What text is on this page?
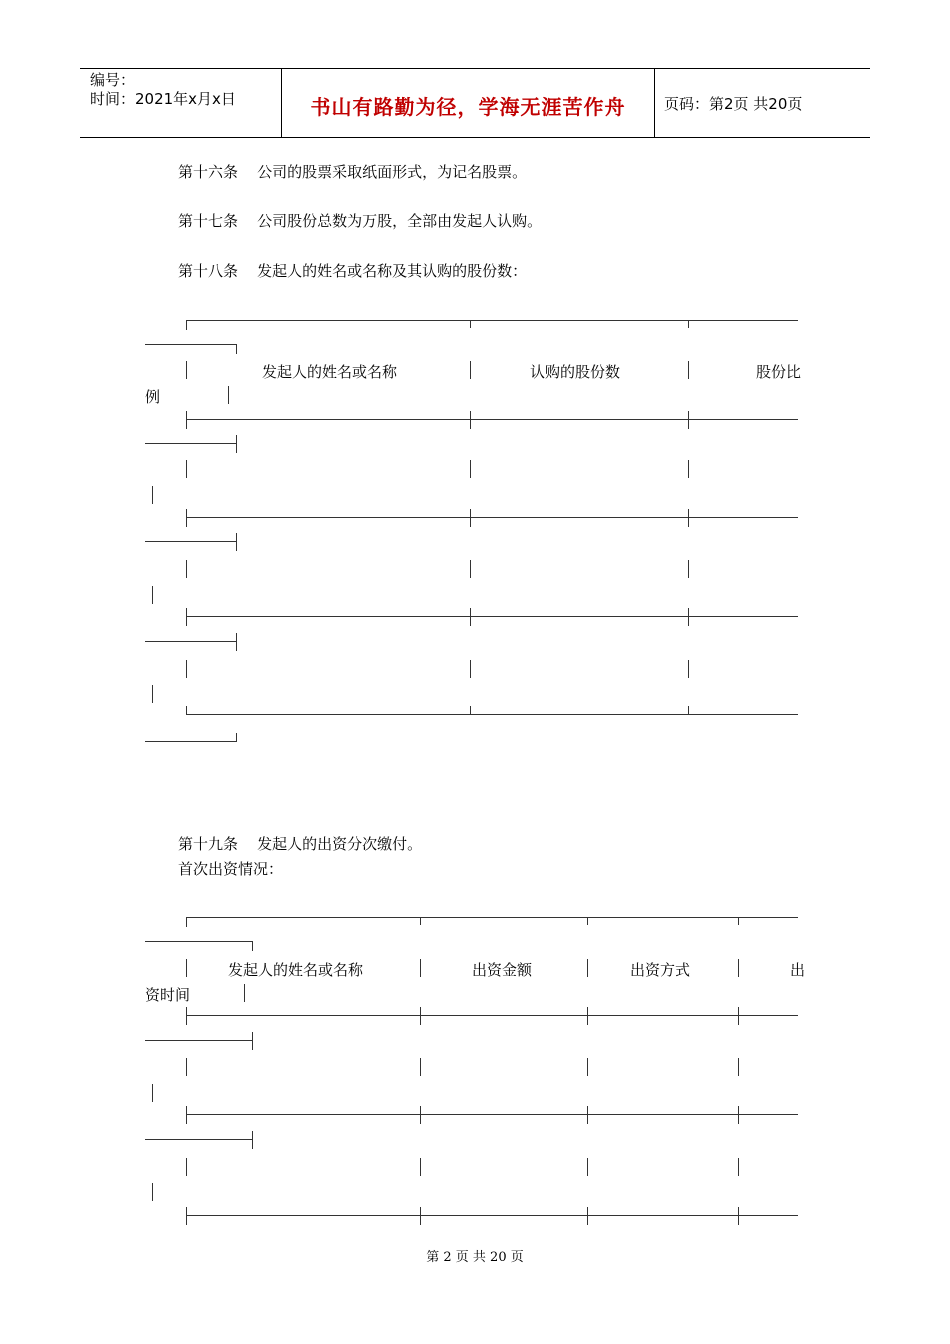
编号：
时间：2021年x月x日	书山有路勤为径，学海无涯苦作舟	页码：第2页 共20页
第十六条    公司的股票采取纸面形式，为记名股票。
第十七条    公司股份总数为万股，全部由发起人认购。
第十八条    发起人的姓名或名称及其认购的股份数：
发起人的姓名或名称	认购的股份数	股份比
例
第十九条    发起人的出资分次缴付。
首次出资情况：
发起人的姓名或名称	出资金额	出资方式	出
资时间
第 2 页 共 20 页
